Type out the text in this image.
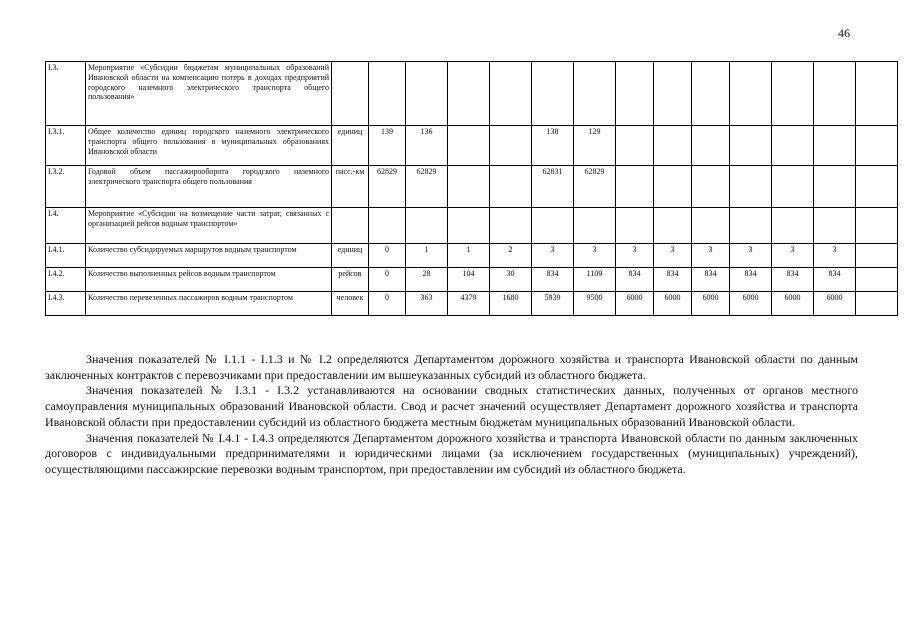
46
I.3.	Мероприятие «Субсидии бюджетам муниципальных образований Ивановской области на компенсацию потерь в доходах предприятий городского наземного электрического транспорта общего пользования»														
I.3.1.	Общее количество единиц городского наземного электрического транспорта общего пользования в муниципальных образованиях Ивановской области	единиц	139	136			138	129							
I.3.2.	Годовой объем пассажирооборота городского наземного электрического транспорта общего пользования	пасс.-км	62829	62829			62831	62829							
I.4.	Мероприятие «Субсидии на возмещение части затрат, связанных с организацией рейсов водным транспортом»														
I.4.1.	Количество субсидируемых маршрутов водным транспортом	единиц	0	1	1	2	3	3	3	3	3	3	3	3	
I.4.2.	Количество выполненных рейсов водным транспортом	рейсов	0	28	104	30	834	1109	834	834	834	834	834	834	
I.4.3.	Количество перевезенных пассажиров водным транспортом	человек	0	363	4379	1680	5939	9500	6000	6000	6000	6000	6000	6000	

Значения показателей № I.1.1 - I.1.3 и № I.2 определяются Департаментом дорожного хозяйства и транспорта Ивановской области по данным заключенных контрактов с перевозчиками при предоставлении им вышеуказанных субсидий из областного бюджета.

Значения показателей № I.3.1 - I.3.2 устанавливаются на основании сводных статистических данных, полученных от органов местного самоуправления муниципальных образований Ивановской области. Свод и расчет значений осуществляет Департамент дорожного хозяйства и транспорта Ивановской области при предоставлении субсидий из областного бюджета местным бюджетам муниципальных образований Ивановской области.

Значения показателей № I.4.1 - I.4.3 определяются Департаментом дорожного хозяйства и транспорта Ивановской области по данным заключенных договоров с индивидуальными предпринимателями и юридическими лицами (за исключением государственных (муниципальных) учреждений), осуществляющими пассажирские перевозки водным транспортом, при предоставлении им субсидий из областного бюджета.
